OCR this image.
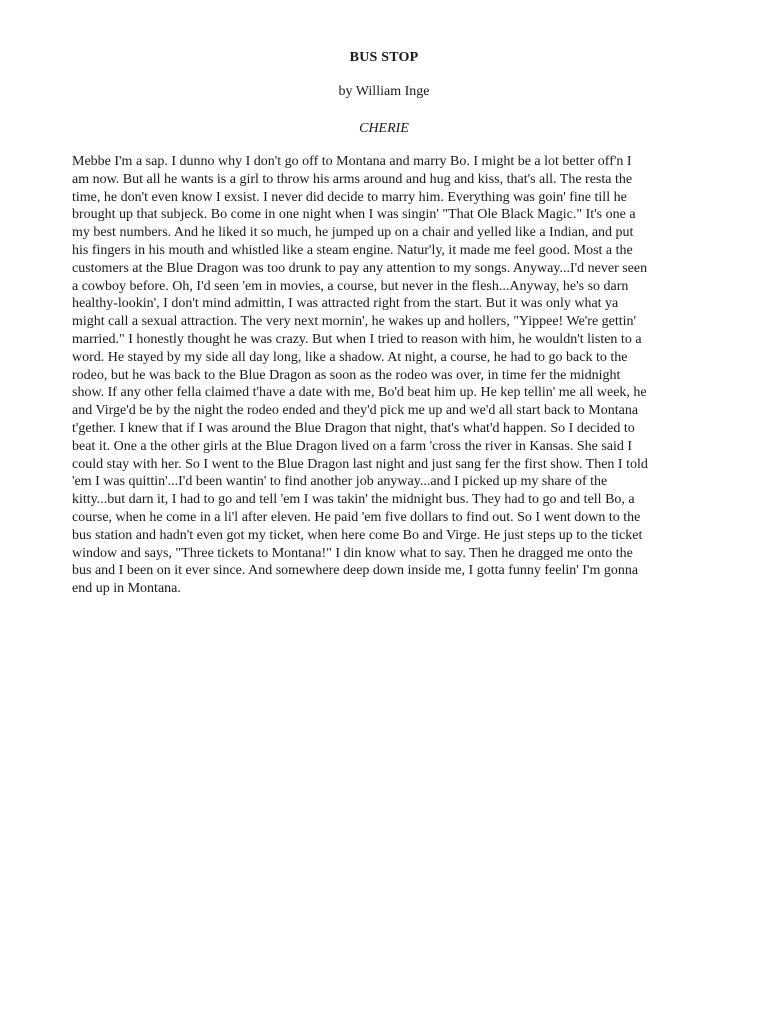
BUS STOP
by William Inge
CHERIE
Mebbe I'm a sap. I dunno why I don't go off to Montana and marry Bo. I might be a lot better off'n I
am now. But all he wants is a girl to throw his arms around and hug and kiss, that's all. The resta the
time, he don't even know I exsist. I never did decide to marry him. Everything was goin' fine till he
brought up that subjeck. Bo come in one night when I was singin' "That Ole Black Magic." It's one a
my best numbers. And he liked it so much, he jumped up on a chair and yelled like a Indian, and put
his fingers in his mouth and whistled like a steam engine. Natur'ly, it made me feel good. Most a the
customers at the Blue Dragon was too drunk to pay any attention to my songs. Anyway...I'd never seen
a cowboy before. Oh, I'd seen 'em in movies, a course, but never in the flesh...Anyway, he's so darn
healthy-lookin', I don't mind admittin, I was attracted right from the start. But it was only what ya
might call a sexual attraction. The very next mornin', he wakes up and hollers, "Yippee! We're gettin'
married." I honestly thought he was crazy. But when I tried to reason with him, he wouldn't listen to a
word. He stayed by my side all day long, like a shadow. At night, a course, he had to go back to the
rodeo, but he was back to the Blue Dragon as soon as the rodeo was over, in time fer the midnight
show. If any other fella claimed t'have a date with me, Bo'd beat him up. He kep tellin' me all week, he
and Virge'd be by the night the rodeo ended and they'd pick me up and we'd all start back to Montana
t'gether. I knew that if I was around the Blue Dragon that night, that's what'd happen. So I decided to
beat it. One a the other girls at the Blue Dragon lived on a farm 'cross the river in Kansas. She said I
could stay with her. So I went to the Blue Dragon last night and just sang fer the first show. Then I told
'em I was quittin'...I'd been wantin' to find another job anyway...and I picked up my share of the
kitty...but darn it, I had to go and tell 'em I was takin' the midnight bus. They had to go and tell Bo, a
course, when he come in a li'l after eleven. He paid 'em five dollars to find out. So I went down to the
bus station and hadn't even got my ticket, when here come Bo and Virge. He just steps up to the ticket
window and says, "Three tickets to Montana!" I din know what to say. Then he dragged me onto the
bus and I been on it ever since. And somewhere deep down inside me, I gotta funny feelin' I'm gonna
end up in Montana.
